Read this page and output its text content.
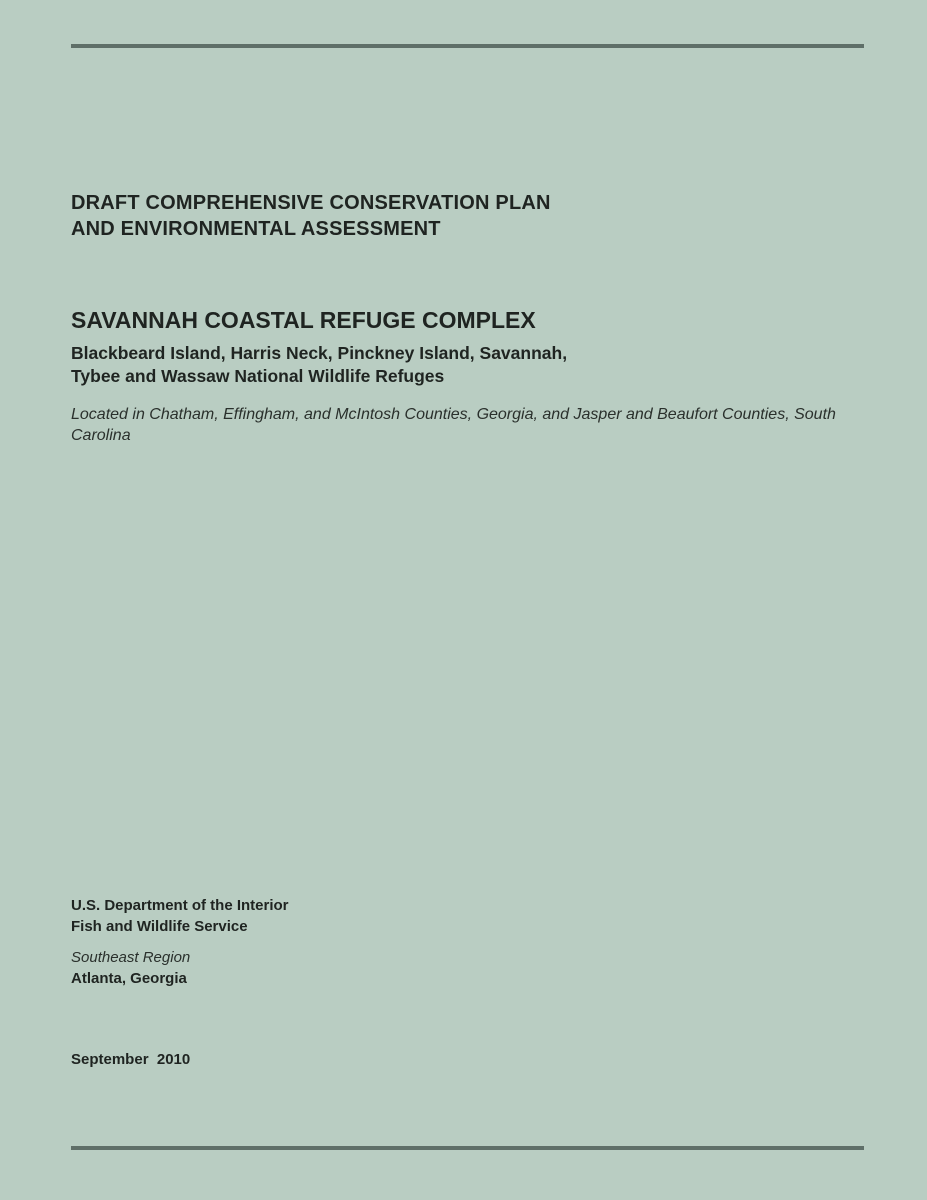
DRAFT COMPREHENSIVE CONSERVATION PLAN
AND ENVIRONMENTAL ASSESSMENT
SAVANNAH COASTAL REFUGE COMPLEX
Blackbeard Island, Harris Neck, Pinckney Island, Savannah,
Tybee and Wassaw National Wildlife Refuges
Located in Chatham, Effingham, and McIntosh Counties, Georgia, and Jasper and Beaufort Counties, South Carolina
U.S. Department of the Interior
Fish and Wildlife Service
Southeast Region
Atlanta, Georgia
September  2010
